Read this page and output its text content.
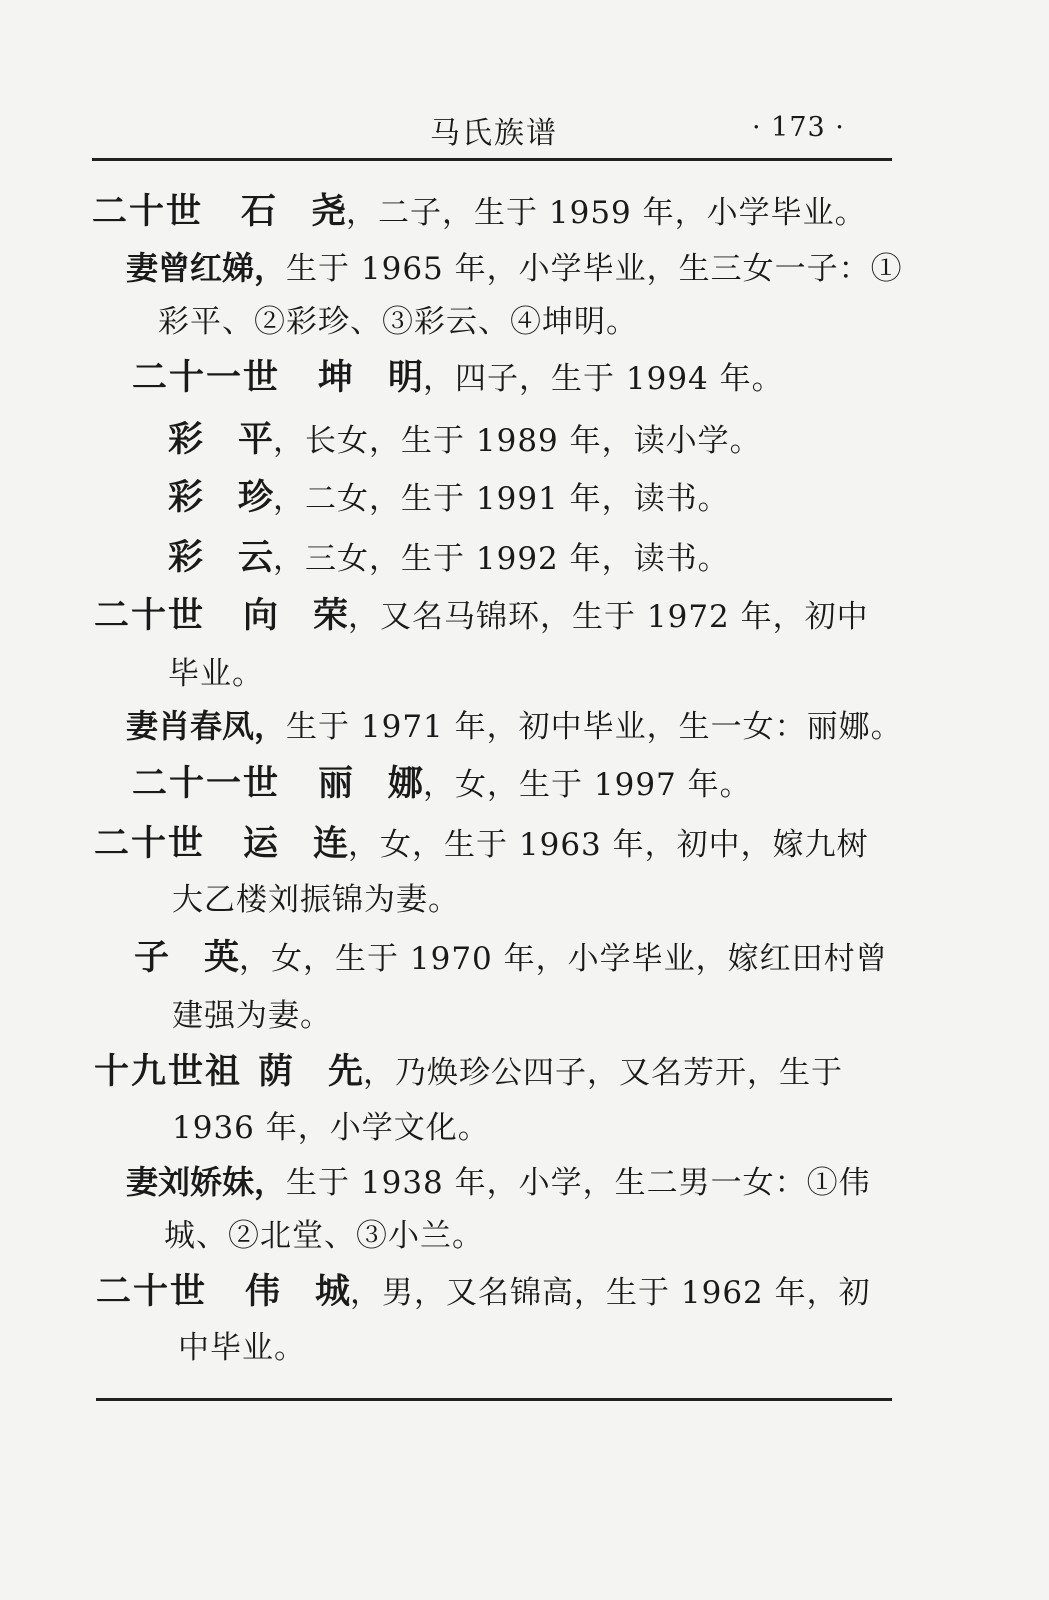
马氏族谱	· 173 ·
二十世 石　尧，二子，生于 1959 年，小学毕业。
妻曾红娣，生于 1965 年，小学毕业，生三女一子：①
彩平、②彩珍、③彩云、④坤明。
二十一世 坤　明，四子，生于 1994 年。
彩　平，长女，生于 1989 年，读小学。
彩　珍，二女，生于 1991 年，读书。
彩　云，三女，生于 1992 年，读书。
二十世 向　荣，又名马锦环，生于 1972 年，初中
毕业。
妻肖春凤，生于 1971 年，初中毕业，生一女：丽娜。
二十一世 丽　娜，女，生于 1997 年。
二十世 运　连，女，生于 1963 年，初中，嫁九树
大乙楼刘振锦为妻。
子　英，女，生于 1970 年，小学毕业，嫁红田村曾
建强为妻。
十九世祖 荫　先，乃焕珍公四子，又名芳开，生于
1936 年，小学文化。
妻刘娇妹，生于 1938 年，小学，生二男一女：①伟
城、②北堂、③小兰。
二十世 伟　城，男，又名锦高，生于 1962 年，初
中毕业。
